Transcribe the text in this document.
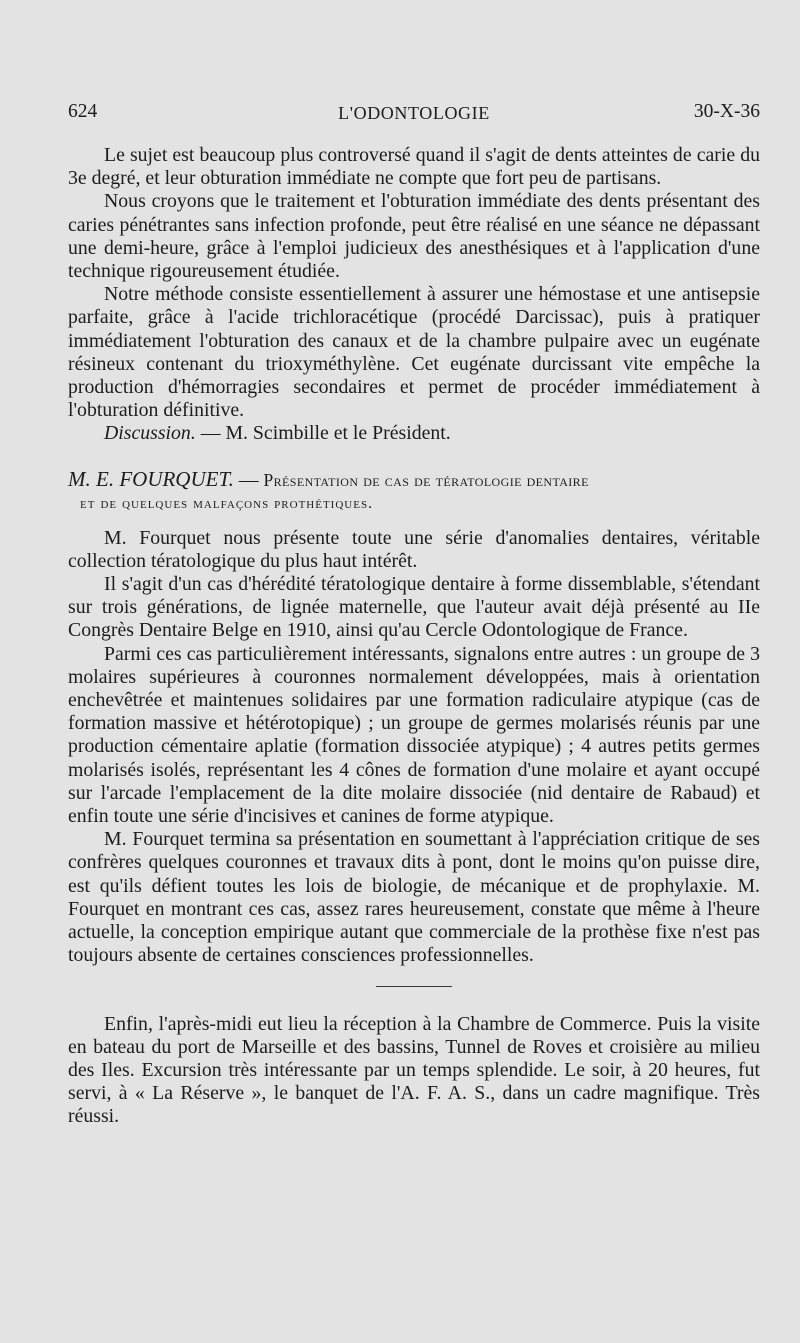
624	L'ODONTOLOGIE	30-X-36

Le sujet est beaucoup plus controversé quand il s'agit de dents atteintes de carie du 3e degré, et leur obturation immédiate ne compte que fort peu de partisans.

Nous croyons que le traitement et l'obturation immédiate des dents présentant des caries pénétrantes sans infection profonde, peut être réalisé en une séance ne dépassant une demi-heure, grâce à l'emploi judicieux des anesthésiques et à l'application d'une technique rigoureusement étudiée.

Notre méthode consiste essentiellement à assurer une hémostase et une antisepsie parfaite, grâce à l'acide trichloracétique (procédé Darcissac), puis à pratiquer immédiatement l'obturation des canaux et de la chambre pulpaire avec un eugénate résineux contenant du trioxyméthylène. Cet eugénate durcissant vite empêche la production d'hémorragies secondaires et permet de procéder immédiatement à l'obturation définitive.

Discussion. — M. Scimbille et le Président.

M. E. FOURQUET. — Présentation de cas de tératologie dentaire
et de quelques malfaçons prothétiques.

M. Fourquet nous présente toute une série d'anomalies dentaires, véritable collection tératologique du plus haut intérêt.

Il s'agit d'un cas d'hérédité tératologique dentaire à forme dissemblable, s'étendant sur trois générations, de lignée maternelle, que l'auteur avait déjà présenté au IIe Congrès Dentaire Belge en 1910, ainsi qu'au Cercle Odontologique de France.

Parmi ces cas particulièrement intéressants, signalons entre autres : un groupe de 3 molaires supérieures à couronnes normalement développées, mais à orientation enchevêtrée et maintenues solidaires par une formation radiculaire atypique (cas de formation massive et hétérotopique) ; un groupe de germes molarisés réunis par une production cémentaire aplatie (formation dissociée atypique) ; 4 autres petits germes molarisés isolés, représentant les 4 cônes de formation d'une molaire et ayant occupé sur l'arcade l'emplacement de la dite molaire dissociée (nid dentaire de Rabaud) et enfin toute une série d'incisives et canines de forme atypique.

M. Fourquet termina sa présentation en soumettant à l'appréciation critique de ses confrères quelques couronnes et travaux dits à pont, dont le moins qu'on puisse dire, est qu'ils défient toutes les lois de biologie, de mécanique et de prophylaxie. M. Fourquet en montrant ces cas, assez rares heureusement, constate que même à l'heure actuelle, la conception empirique autant que commerciale de la prothèse fixe n'est pas toujours absente de certaines consciences professionnelles.

Enfin, l'après-midi eut lieu la réception à la Chambre de Commerce. Puis la visite en bateau du port de Marseille et des bassins, Tunnel de Roves et croisière au milieu des Iles. Excursion très intéressante par un temps splendide. Le soir, à 20 heures, fut servi, à « La Réserve », le banquet de l'A. F. A. S., dans un cadre magnifique. Très réussi.
